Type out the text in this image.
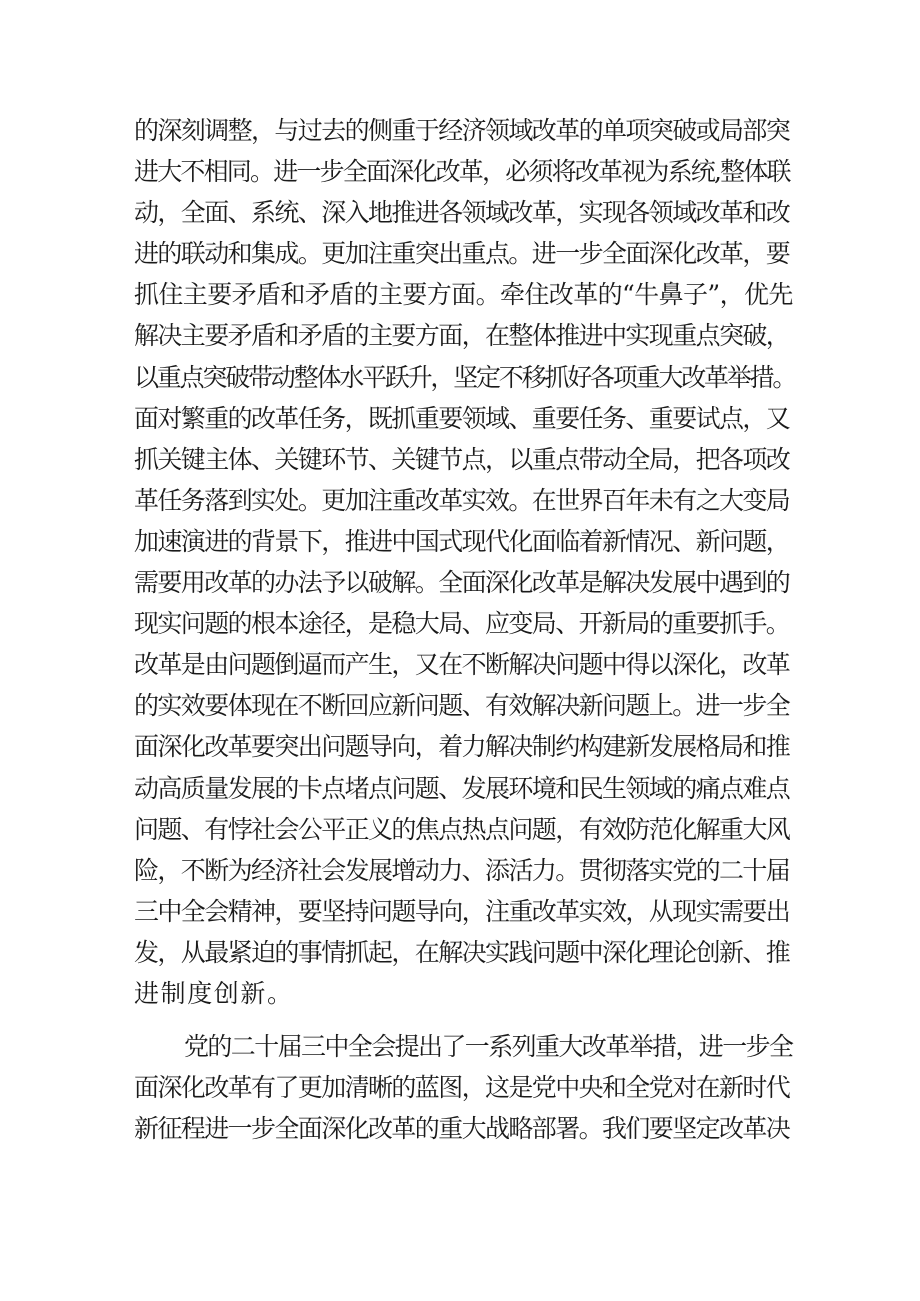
的深刻调整，与过去的侧重于经济领域改革的单项突破或局部突
进大不相同。进一步全面深化改革，必须将改革视为系统,整体联
动，全面、系统、深入地推进各领域改革，实现各领域改革和改
进的联动和集成。更加注重突出重点。进一步全面深化改革，要
抓住主要矛盾和矛盾的主要方面。牵住改革的“牛鼻子”，优先
解决主要矛盾和矛盾的主要方面，在整体推进中实现重点突破，
以重点突破带动整体水平跃升，坚定不移抓好各项重大改革举措。
面对繁重的改革任务，既抓重要领域、重要任务、重要试点，又
抓关键主体、关键环节、关键节点，以重点带动全局，把各项改
革任务落到实处。更加注重改革实效。在世界百年未有之大变局
加速演进的背景下，推进中国式现代化面临着新情况、新问题，
需要用改革的办法予以破解。全面深化改革是解决发展中遇到的
现实问题的根本途径，是稳大局、应变局、开新局的重要抓手。
改革是由问题倒逼而产生，又在不断解决问题中得以深化，改革
的实效要体现在不断回应新问题、有效解决新问题上。进一步全
面深化改革要突出问题导向，着力解决制约构建新发展格局和推
动高质量发展的卡点堵点问题、发展环境和民生领域的痛点难点
问题、有悖社会公平正义的焦点热点问题，有效防范化解重大风
险，不断为经济社会发展增动力、添活力。贯彻落实党的二十届
三中全会精神，要坚持问题导向，注重改革实效，从现实需要出
发，从最紧迫的事情抓起，在解决实践问题中深化理论创新、推
进制度创新。
党的二十届三中全会提出了一系列重大改革举措，进一步全
面深化改革有了更加清晰的蓝图，这是党中央和全党对在新时代
新征程进一步全面深化改革的重大战略部署。我们要坚定改革决
